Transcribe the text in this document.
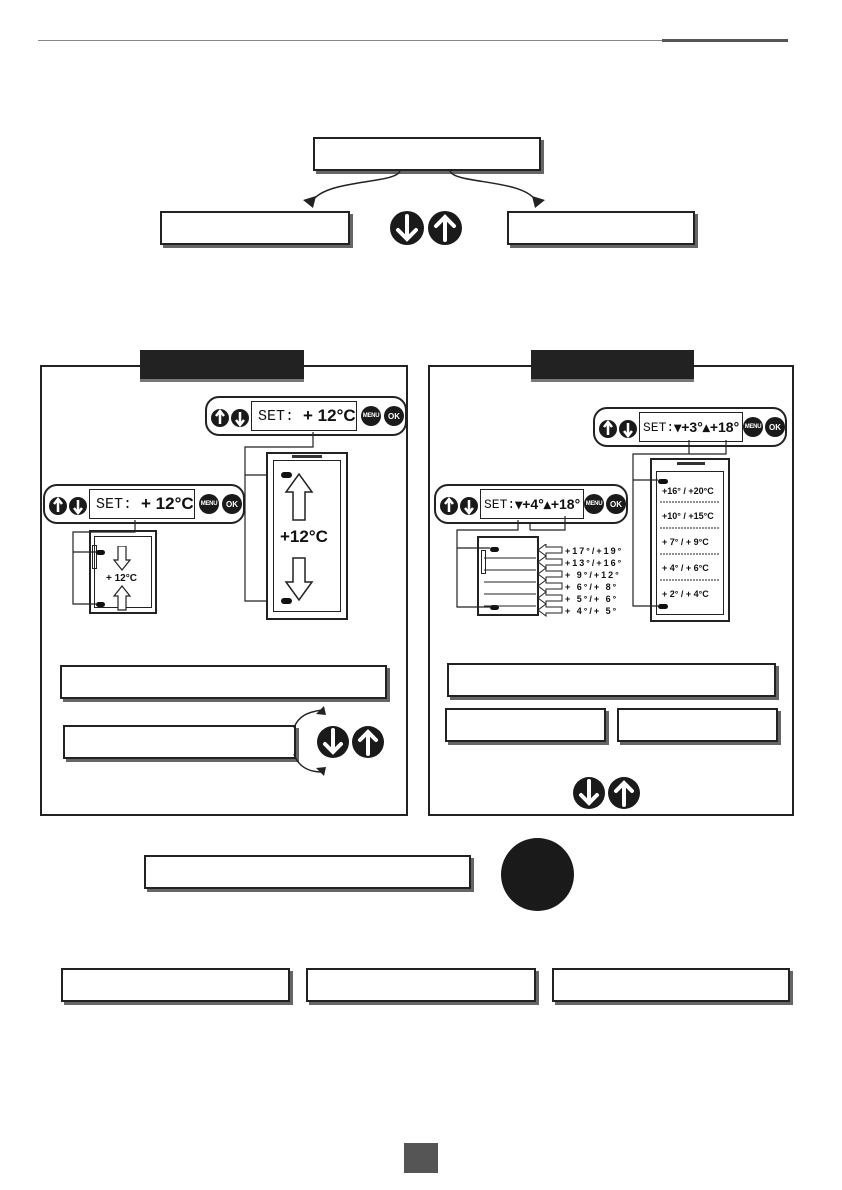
SET:
+ 12°C MENU	OK
SET:
+ 12°C MENU	OK
+ 12°C
+12°C
SET: ▾+3°▴+18° MENU OK
SET: ▾+4°▴+18° MENU OK
+17°/+19°
+13°/+16°
+ 9°/+12°
+ 6°/+ 8°
+ 5°/+ 6°
+ 4°/+ 5°
+16° / +20°C
+10° / +15°C
+ 7° / + 9°C
+ 4° / + 6°C
+ 2° / + 4°C
